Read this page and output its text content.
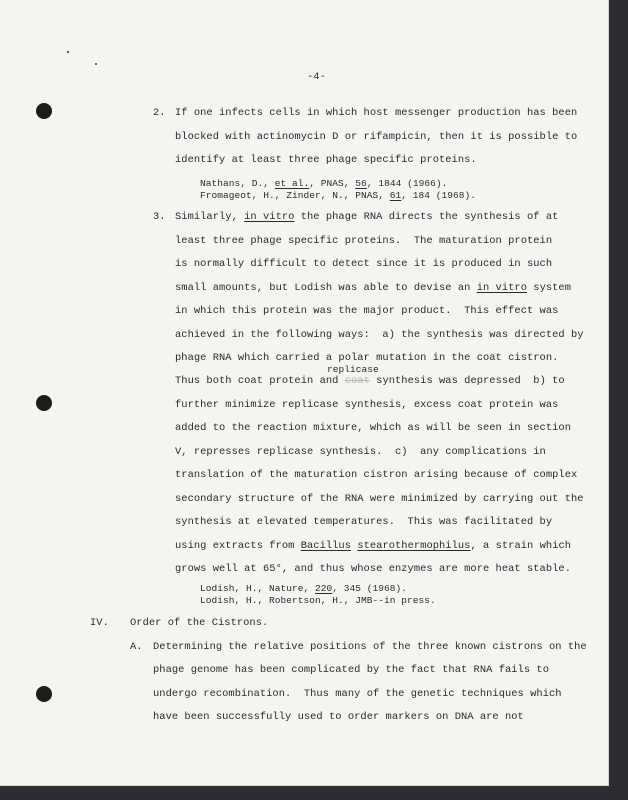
-4-
2. If one infects cells in which host messenger production has been
blocked with actinomycin D or rifampicin, then it is possible to
identify at least three phage specific proteins.
Nathans, D., et al., PNAS, 56, 1844 (1966).
Fromageot, H., Zinder, N., PNAS, 61, 184 (1968).
3. Similarly, in vitro the phage RNA directs the synthesis of at
least three phage specific proteins.  The maturation protein
is normally difficult to detect since it is produced in such
small amounts, but Lodish was able to devise an in vitro system
in which this protein was the major product.  This effect was
achieved in the following ways:  a) the synthesis was directed by
phage RNA which carried a polar mutation in the coat cistron.
replicase
Thus both coat protein and coat synthesis was depressed  b) to
further minimize replicase synthesis, excess coat protein was
added to the reaction mixture, which as will be seen in section
V, represses replicase synthesis.  c)  any complications in
translation of the maturation cistron arising because of complex
secondary structure of the RNA were minimized by carrying out the
synthesis at elevated temperatures.  This was facilitated by
using extracts from Bacillus stearothermophilus, a strain which
grows well at 65°, and thus whose enzymes are more heat stable.
Lodish, H., Nature, 220, 345 (1968).
Lodish, H., Robertson, H., JMB--in press.
IV. Order of the Cistrons.
A. Determining the relative positions of the three known cistrons on the
phage genome has been complicated by the fact that RNA fails to
undergo recombination.  Thus many of the genetic techniques which
have been successfully used to order markers on DNA are not
